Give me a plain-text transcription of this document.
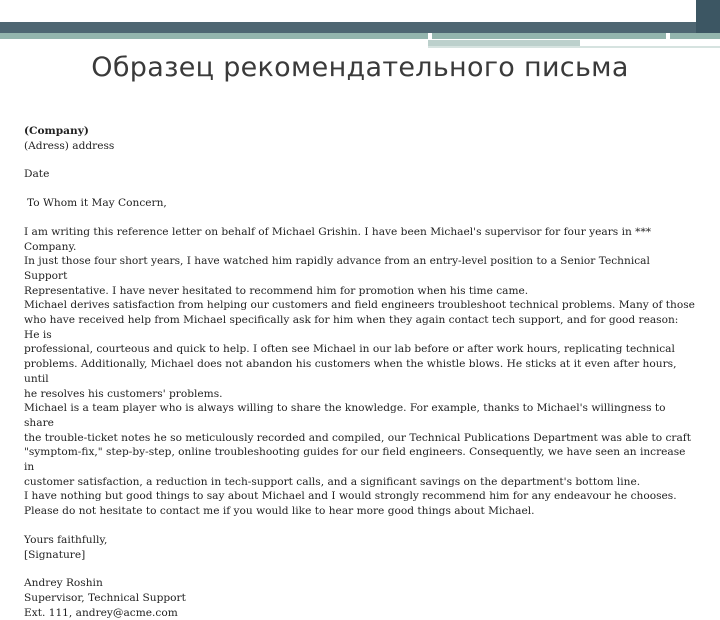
Образец рекомендательного письма

(Company)

(Adress) address

Date

To Whom it May Concern,

I am writing this reference letter on behalf of Michael Grishin. I have been Michael's supervisor for four years in *** Company.

In just those four short years, I have watched him rapidly advance from an entry-level position to a Senior Technical Support

Representative. I have never hesitated to recommend him for promotion when his time came.

Michael derives satisfaction from helping our customers and field engineers troubleshoot technical problems. Many of those

who have received help from Michael specifically ask for him when they again contact tech support, and for good reason: He is

professional, courteous and quick to help. I often see Michael in our lab before or after work hours, replicating technical

problems. Additionally, Michael does not abandon his customers when the whistle blows. He sticks at it even after hours, until

he resolves his customers' problems.

Michael is a team player who is always willing to share the knowledge. For example, thanks to Michael's willingness to share

the trouble-ticket notes he so meticulously recorded and compiled, our Technical Publications Department was able to craft

"symptom-fix," step-by-step, online troubleshooting guides for our field engineers. Consequently, we have seen an increase in

customer satisfaction, a reduction in tech-support calls, and a significant savings on the department's bottom line.

I have nothing but good things to say about Michael and I would strongly recommend him for any endeavour he chooses.

Please do not hesitate to contact me if you would like to hear more good things about Michael.

Yours faithfully,

[Signature]

Andrey Roshin

Supervisor, Technical Support

Ext. 111, andrey@acme.com
